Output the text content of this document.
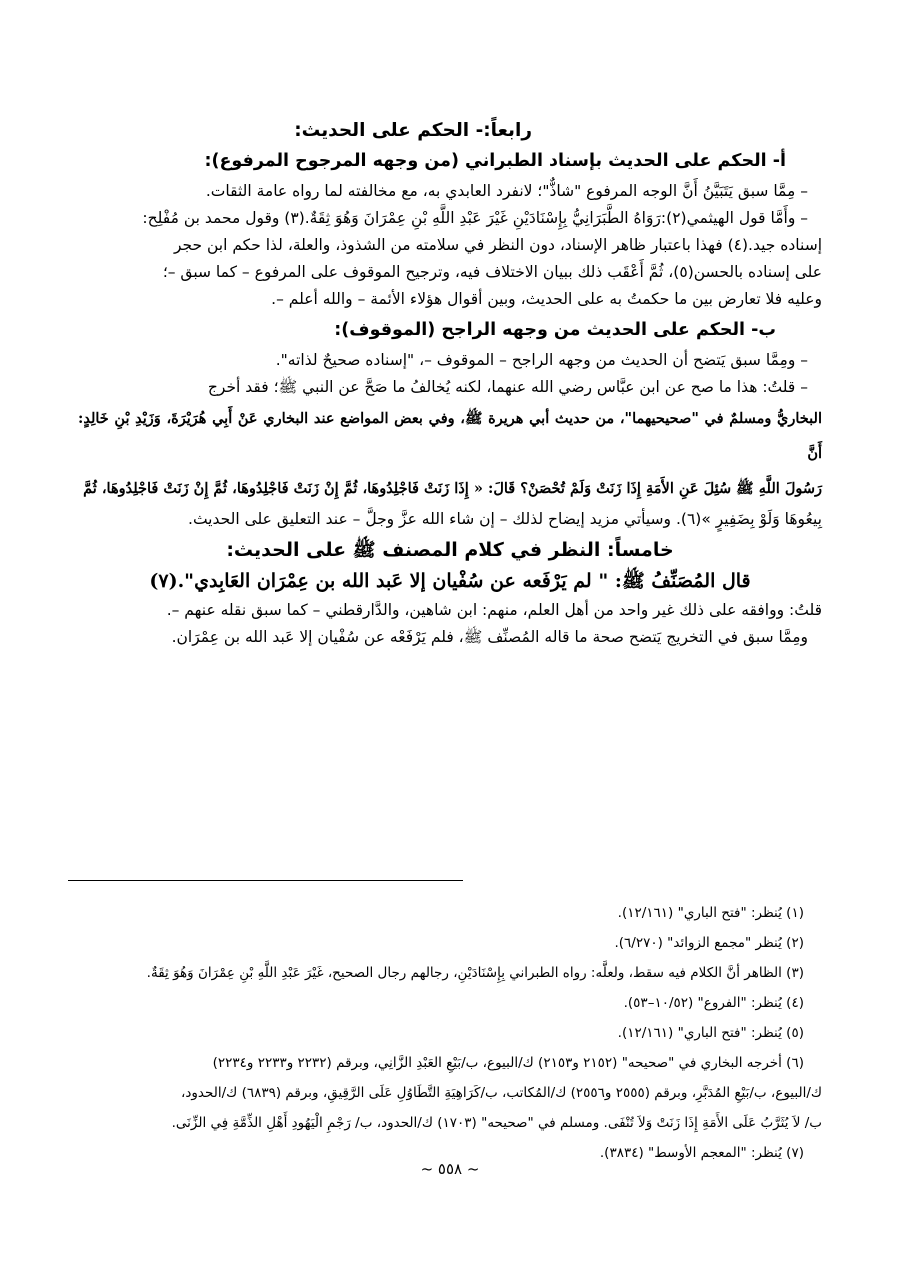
رابعاً:- الحكم على الحديث:

أ- الحكم على الحديث بإسناد الطبراني (من وجهه المرجوح المرفوع):

– مِمَّا سبق يَتَبَيَّنُ أَنَّ الوجه المرفوع "شاذٌّ"؛ لانفرد العابدي به، مع مخالفته لما رواه عامة الثقات.

– وأَمَّا قول الهيثمي(٢):رَوَاهُ الطَّبَرَانِيُّ بِإِسْنَادَيْنِ غَيْرَ عَبْدِ اللَّهِ بْنِ عِمْرَانَ وَهُوَ ثِقَةٌ.(٣) وقول محمد بن مُفْلِح:

إسناده جيد.(٤) فهذا باعتبار ظاهر الإسناد، دون النظر في سلامته من الشذوذ، والعلة، لذا حكم ابن حجر

على إسناده بالحسن(٥)، ثُمَّ أَعْقَب ذلك ببيان الاختلاف فيه، وترجيح الموقوف على المرفوع – كما سبق –؛

وعليه فلا تعارض بين ما حكمتُ به على الحديث، وبين أقوال هؤلاء الأئمة – والله أعلم –.

ب- الحكم على الحديث من وجهه الراجح (الموقوف):

– ومِمَّا سبق يَتضح أن الحديث من وجهه الراجح – الموقوف –، "إسناده صحيحٌ لذاته".

– قلتُ: هذا ما صح عن ابن عبَّاس رضي الله عنهما، لكنه يُخالفُ ما صَحَّ عن النبي ﷺ؛ فقد أخرج

البخاريُّ ومسلمٌ في "صحيحيهما"، من حديث أبي هريرة ﷺ، وفي بعض المواضع عند البخاري عَنْ أَبِي هُرَيْرَةَ، وَزَيْدِ بْنِ خَالِدٍ: أَنَّ

رَسُولَ اللَّهِ ﷺ سُئِلَ عَنِ الأَمَةِ إِذَا زَنَتْ وَلَمْ تُحْصَنْ؟ قَالَ: « إِذَا زَنَتْ فَاجْلِدُوهَا، ثُمَّ إِنْ زَنَتْ فَاجْلِدُوهَا، ثُمَّ إِنْ زَنَتْ فَاجْلِدُوهَا، ثُمَّ

بِيعُوهَا وَلَوْ بِضَفِيرٍ »(٦). وسيأتي مزيد إيضاح لذلك – إن شاء الله عزَّ وجلَّ – عند التعليق على الحديث.

خامساً: النظر في كلام المصنف ﷺ على الحديث:

قال المُصَنِّفُ ﷺ: " لم يَرْفَعه عن سُفْيان إلا عَبد الله بن عِمْرَان العَابِدي".(٧)

قلتُ: ووافقه على ذلك غير واحد من أهل العلم، منهم: ابن شاهين، والدَّارقطني – كما سبق نقله عنهم –.

ومِمَّا سبق في التخريج يَتضح صحة ما قاله المُصنِّف ﷺ، فلم يَرْفَعْه عن سُفْيان إلا عَبد الله بن عِمْرَان.

(١) يُنظر: "فتح الباري" (١٢/١٦١).

(٢) يُنظر "مجمع الزوائد" (٦/٢٧٠).

(٣) الظاهر أنَّ الكلام فيه سقط، ولعلَّه: رواه الطبراني بِإِسْنَادَيْنِ، رجالهم رجال الصحيح، غَيْرَ عَبْدِ اللَّهِ بْنِ عِمْرَانَ وَهُوَ ثِقَةٌ.

(٤) يُنظر: "الفروع" (١٠/٥٢–٥٣).

(٥) يُنظر: "فتح الباري" (١٢/١٦١).

(٦) أخرجه البخاري في "صحيحه" (٢١٥٢ و٢١٥٣) ك/البيوع، ب/بَيْعِ العَبْدِ الزَّانِي، وبرقم (٢٢٣٢ و٢٢٣٣ و٢٢٣٤)

ك/البيوع، ب/بَيْعِ المُدَبَّرِ، وبرقم (٢٥٥٥ و٢٥٥٦) ك/المُكاتب، ب/كَرَاهِيَةِ التَّطَاوُلِ عَلَى الرَّقِيقِ، وبرقم (٦٨٣٩) ك/الحدود،

ب/ لاَ يُثَرَّبُ عَلَى الأَمَةِ إِذَا زَنَتْ وَلاَ تُنْفَى. ومسلم في "صحيحه" (١٧٠٣) ك/الحدود، ب/ رَجْمِ الْيَهُودِ أَهْلِ الذِّمَّةِ فِي الزِّنَى.

(٧) يُنظر: "المعجم الأوسط" (٣٨٣٤).

~ ٥٥٨ ~
